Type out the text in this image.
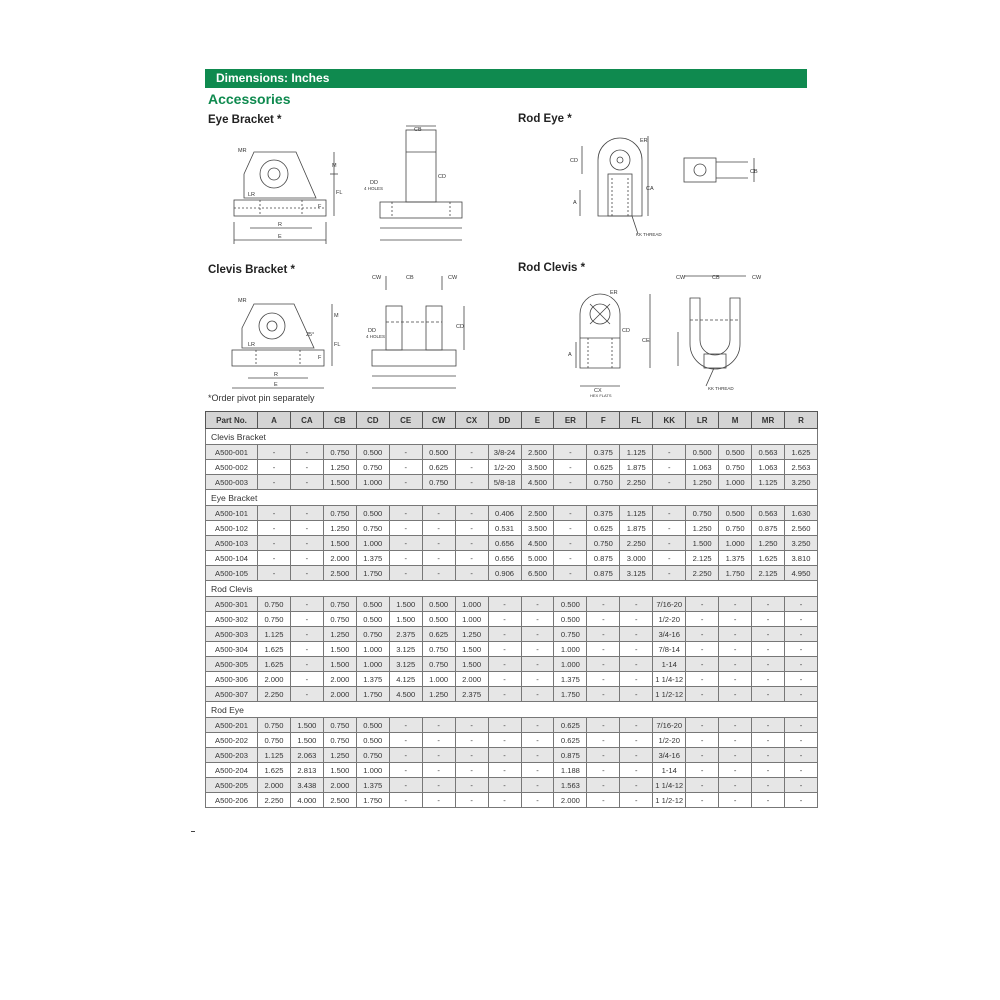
Dimensions: Inches
Accessories
Eye Bracket *
MR
M
CB
CD
DD
4 HOLES
LR	FL
F
R
E
Rod Eye *
ER
CD
CA
A
CB
KK THREAD
Clevis Bracket *
MR
M
CW	CB	CW
25°
DD
4 HOLES
CD
LR	FL
F
R
E
Rod Clevis *
ER
CD
CE
A
CX
HEX FLATS
CW	CB	CW
KK THREAD
*Order pivot pin separately
Part No.	A	CA	CB	CD	CE	CW	CX	DD	E	ER	F	FL	KK	LR	M	MR	R
Clevis Bracket																	
A500-001	-	-	0.750	0.500	-	0.500	-	3/8-24	2.500	-	0.375	1.125	-	0.500	0.500	0.563	1.625
A500-002	-	-	1.250	0.750	-	0.625	-	1/2-20	3.500	-	0.625	1.875	-	1.063	0.750	1.063	2.563
A500-003	-	-	1.500	1.000	-	0.750	-	5/8-18	4.500	-	0.750	2.250	-	1.250	1.000	1.125	3.250
Eye Bracket																	
A500-101	-	-	0.750	0.500	-	-	-	0.406	2.500	-	0.375	1.125	-	0.750	0.500	0.563	1.630
A500-102	-	-	1.250	0.750	-	-	-	0.531	3.500	-	0.625	1.875	-	1.250	0.750	0.875	2.560
A500-103	-	-	1.500	1.000	-	-	-	0.656	4.500	-	0.750	2.250	-	1.500	1.000	1.250	3.250
A500-104	-	-	2.000	1.375	-	-	-	0.656	5.000	-	0.875	3.000	-	2.125	1.375	1.625	3.810
A500-105	-	-	2.500	1.750	-	-	-	0.906	6.500	-	0.875	3.125	-	2.250	1.750	2.125	4.950
Rod Clevis																	
A500-301	0.750	-	0.750	0.500	1.500	0.500	1.000	-	-	0.500	-	-	7/16-20	-	-	-	-
A500-302	0.750	-	0.750	0.500	1.500	0.500	1.000	-	-	0.500	-	-	1/2-20	-	-	-	-
A500-303	1.125	-	1.250	0.750	2.375	0.625	1.250	-	-	0.750	-	-	3/4-16	-	-	-	-
A500-304	1.625	-	1.500	1.000	3.125	0.750	1.500	-	-	1.000	-	-	7/8-14	-	-	-	-
A500-305	1.625	-	1.500	1.000	3.125	0.750	1.500	-	-	1.000	-	-	1-14	-	-	-	-
A500-306	2.000	-	2.000	1.375	4.125	1.000	2.000	-	-	1.375	-	-	1 1/4-12	-	-	-	-
A500-307	2.250	-	2.000	1.750	4.500	1.250	2.375	-	-	1.750	-	-	1 1/2-12	-	-	-	-
Rod Eye																	
A500-201	0.750	1.500	0.750	0.500	-	-	-	-	-	0.625	-	-	7/16-20	-	-	-	-
A500-202	0.750	1.500	0.750	0.500	-	-	-	-	-	0.625	-	-	1/2-20	-	-	-	-
A500-203	1.125	2.063	1.250	0.750	-	-	-	-	-	0.875	-	-	3/4-16	-	-	-	-
A500-204	1.625	2.813	1.500	1.000	-	-	-	-	-	1.188	-	-	1-14	-	-	-	-
A500-205	2.000	3.438	2.000	1.375	-	-	-	-	-	1.563	-	-	1 1/4-12	-	-	-	-
A500-206	2.250	4.000	2.500	1.750	-	-	-	-	-	2.000	-	-	1 1/2-12	-	-	-	-
